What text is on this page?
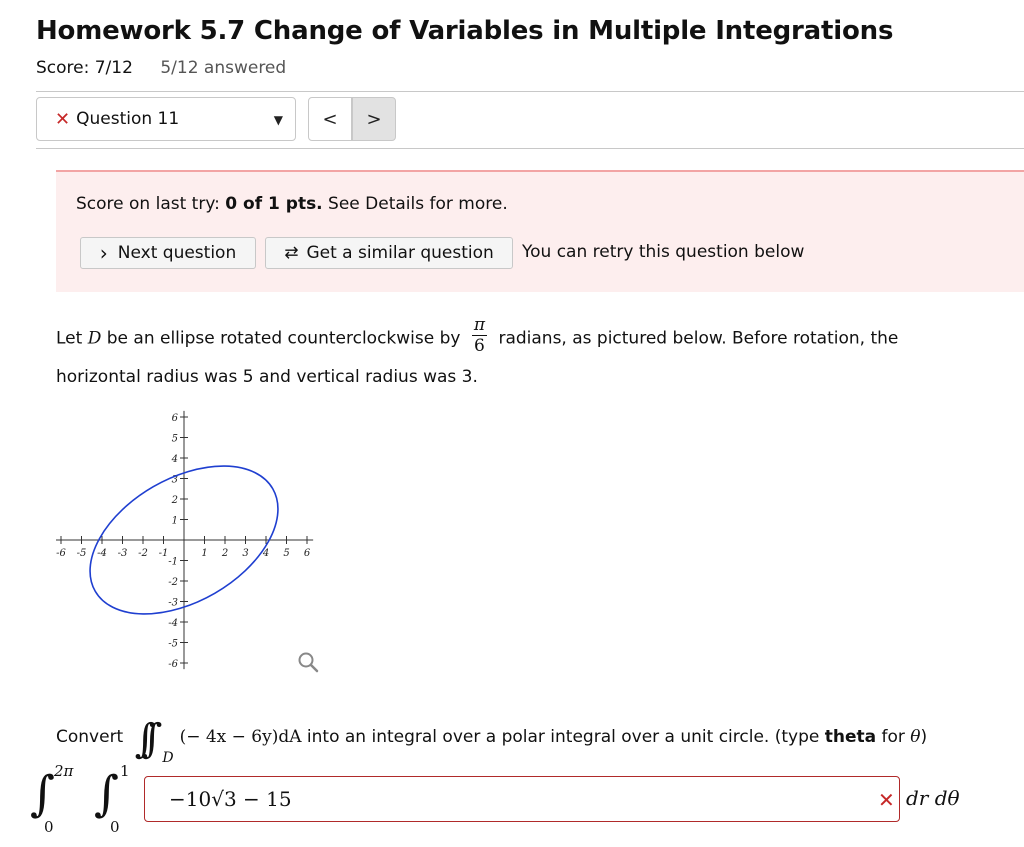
Homework 5.7 Change of Variables in Multiple Integrations
Score: 7/12 5/12 answered
✕ Question 11	▼ < >
Score on last try: 0 of 1 pts. See Details for more.
› Next question	⇄ Get a similar question You can retry this question below
Let D be an ellipse rotated counterclockwise by $\frac{\pi}{6}$ radians, as pictured below. Before rotation, the
horizontal radius was 5 and vertical radius was 3.
-6 -5 -4 -3 -2 -1	1 2 3 4 5 6
6
5
4
3
2
1
-1
-2
-3
-4
-5
-6
Convert ∫∫ $_D$(− 4x − 6y)dA into an integral over a polar integral over a unit circle. (type theta for θ)
∫
2π
0
∫ 1
0
−10√3 − 15	✕ dr dθ
